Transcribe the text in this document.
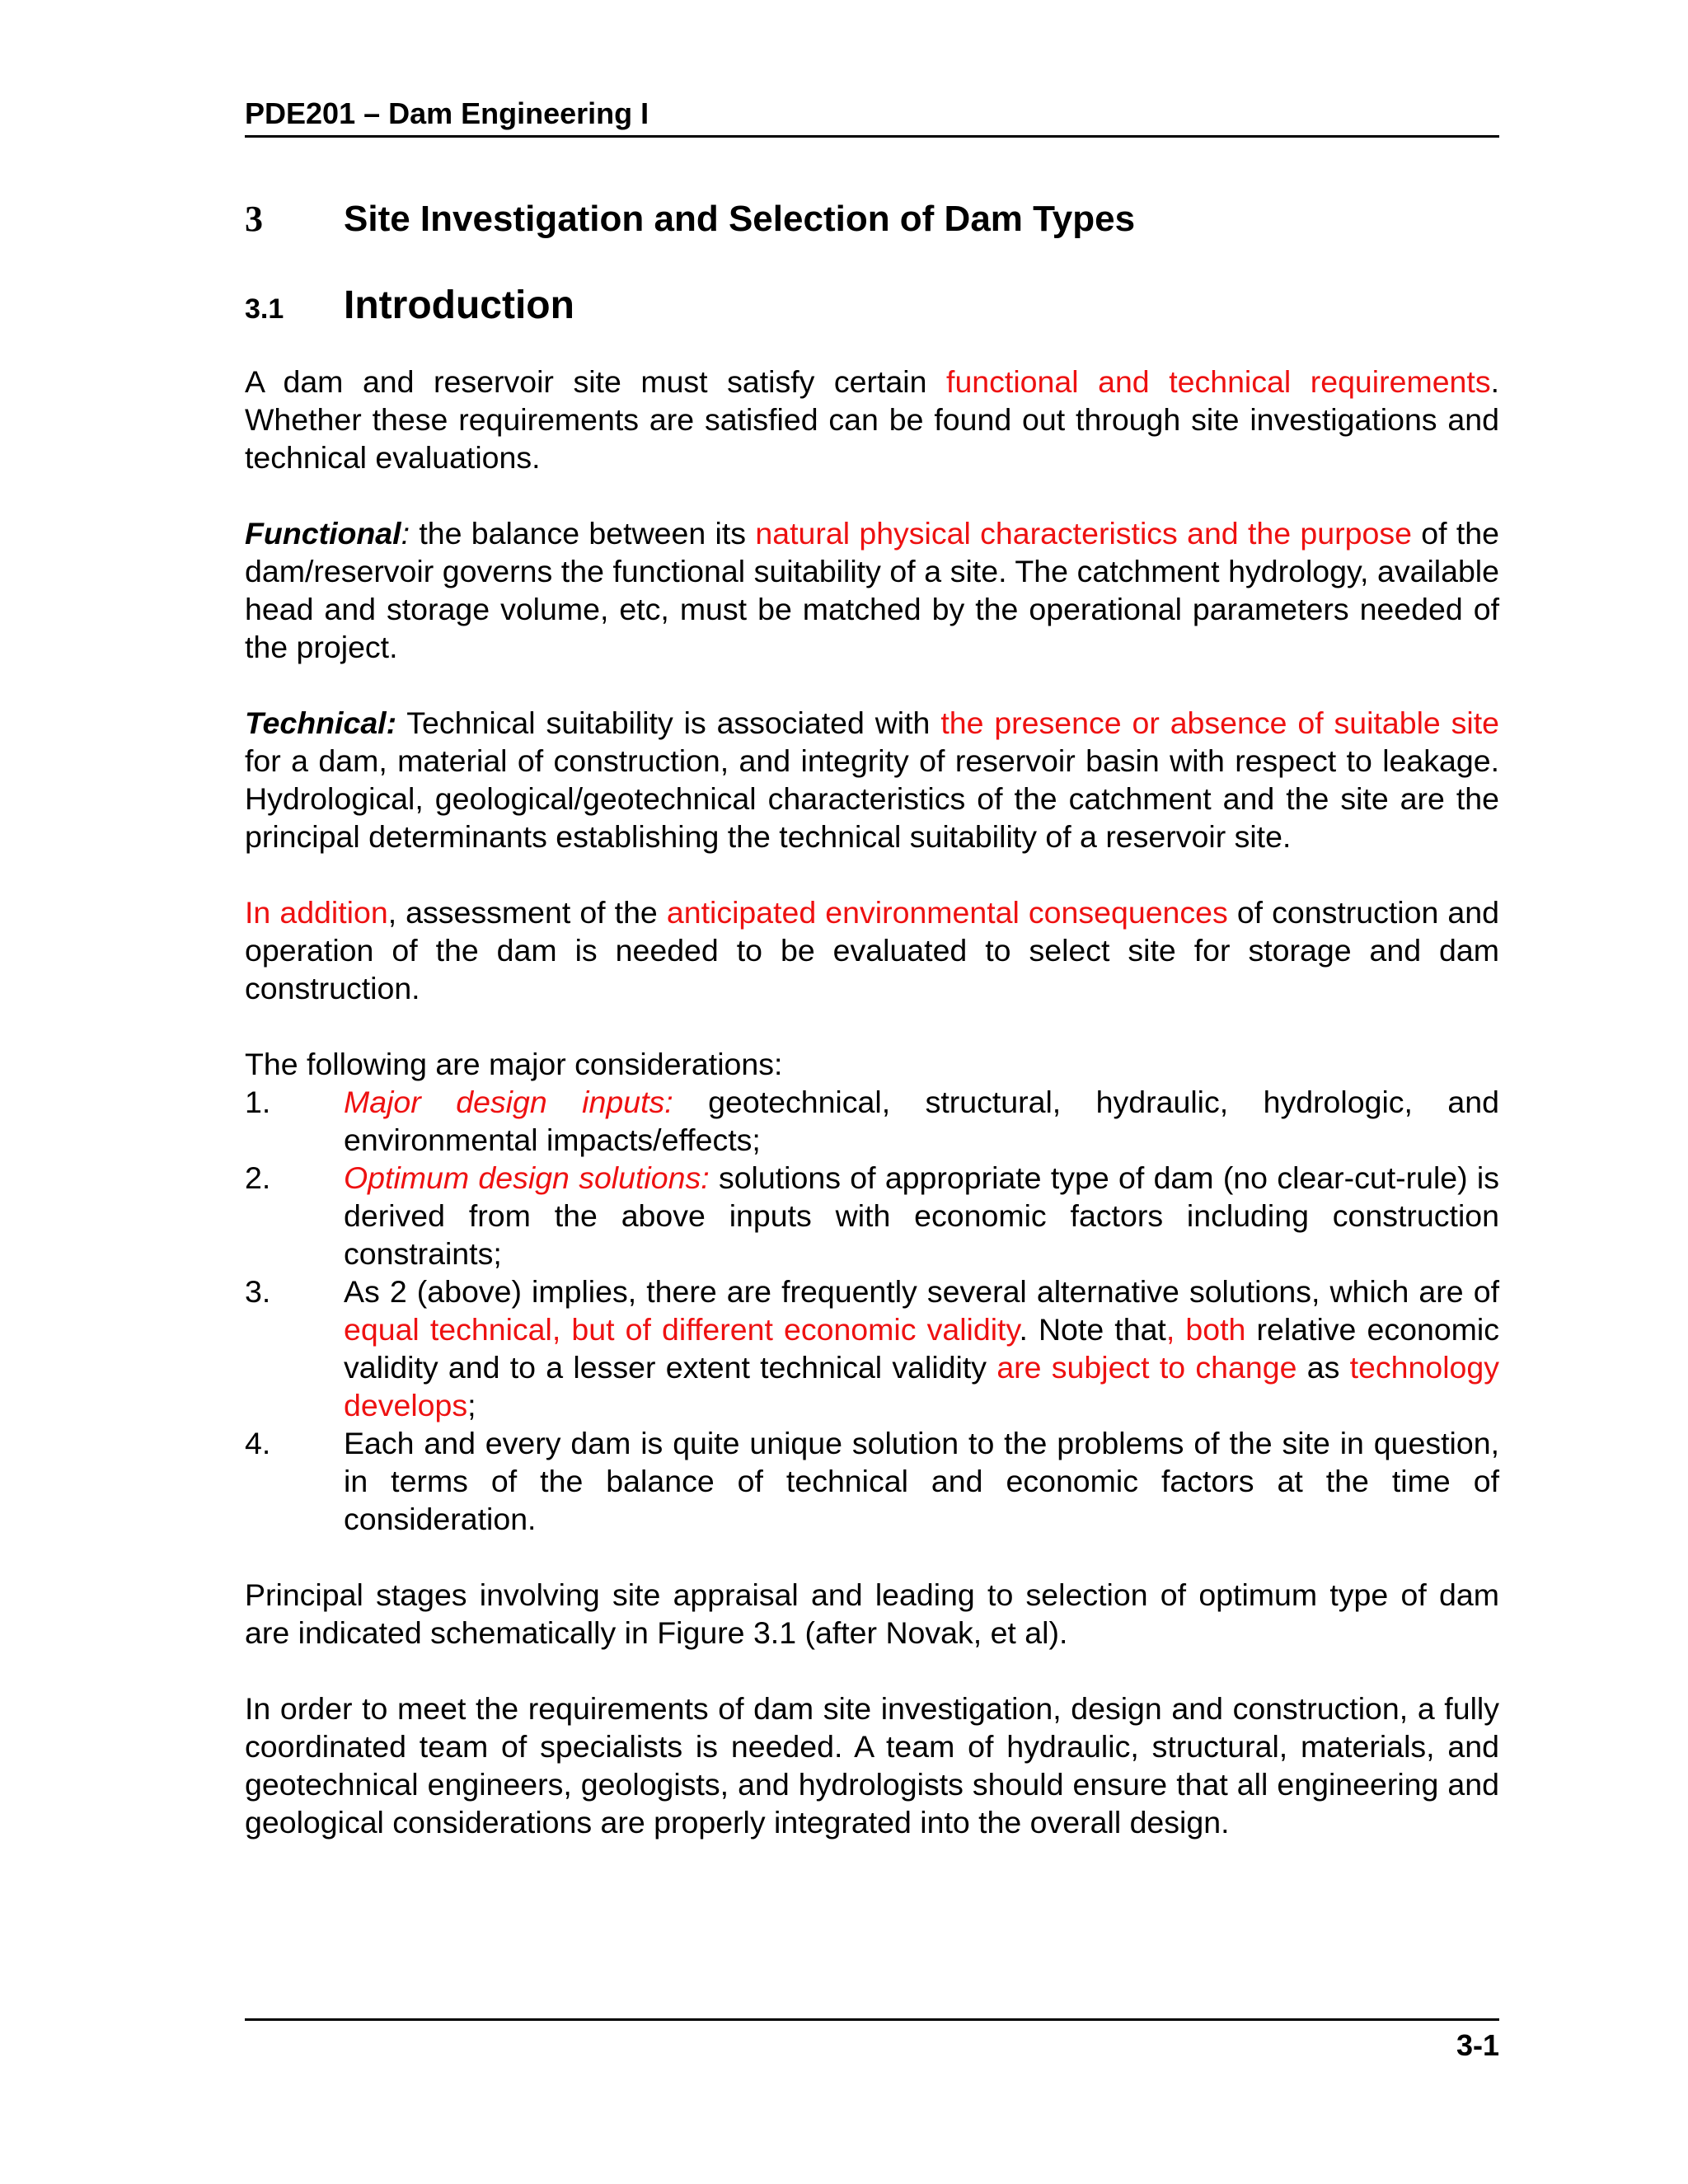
PDE201 – Dam Engineering I
3 Site Investigation and Selection of Dam Types
3.1 Introduction

A dam and reservoir site must satisfy certain functional and technical requirements. Whether these requirements are satisfied can be found out through site investigations and technical evaluations.

Functional: the balance between its natural physical characteristics and the purpose of the dam/reservoir governs the functional suitability of a site. The catchment hydrology, available head and storage volume, etc, must be matched by the operational parameters needed of the project.

Technical: Technical suitability is associated with the presence or absence of suitable site for a dam, material of construction, and integrity of reservoir basin with respect to leakage. Hydrological, geological/geotechnical characteristics of the catchment and the site are the principal determinants establishing the technical suitability of a reservoir site.

In addition, assessment of the anticipated environmental consequences of construction and operation of the dam is needed to be evaluated to select site for storage and dam construction.

The following are major considerations:

1. Major design inputs: geotechnical, structural, hydraulic, hydrologic, and environmental impacts/effects;
2. Optimum design solutions: solutions of appropriate type of dam (no clear-cut-rule) is derived from the above inputs with economic factors including construction constraints;
3. As 2 (above) implies, there are frequently several alternative solutions, which are of equal technical, but of different economic validity. Note that, both relative economic validity and to a lesser extent technical validity are subject to change as technology develops;
4. Each and every dam is quite unique solution to the problems of the site in question, in terms of the balance of technical and economic factors at the time of consideration.

Principal stages involving site appraisal and leading to selection of optimum type of dam are indicated schematically in Figure 3.1 (after Novak, et al).

In order to meet the requirements of dam site investigation, design and construction, a fully coordinated team of specialists is needed. A team of hydraulic, structural, materials, and geotechnical engineers, geologists, and hydrologists should ensure that all engineering and geological considerations are properly integrated into the overall design.

3-1
